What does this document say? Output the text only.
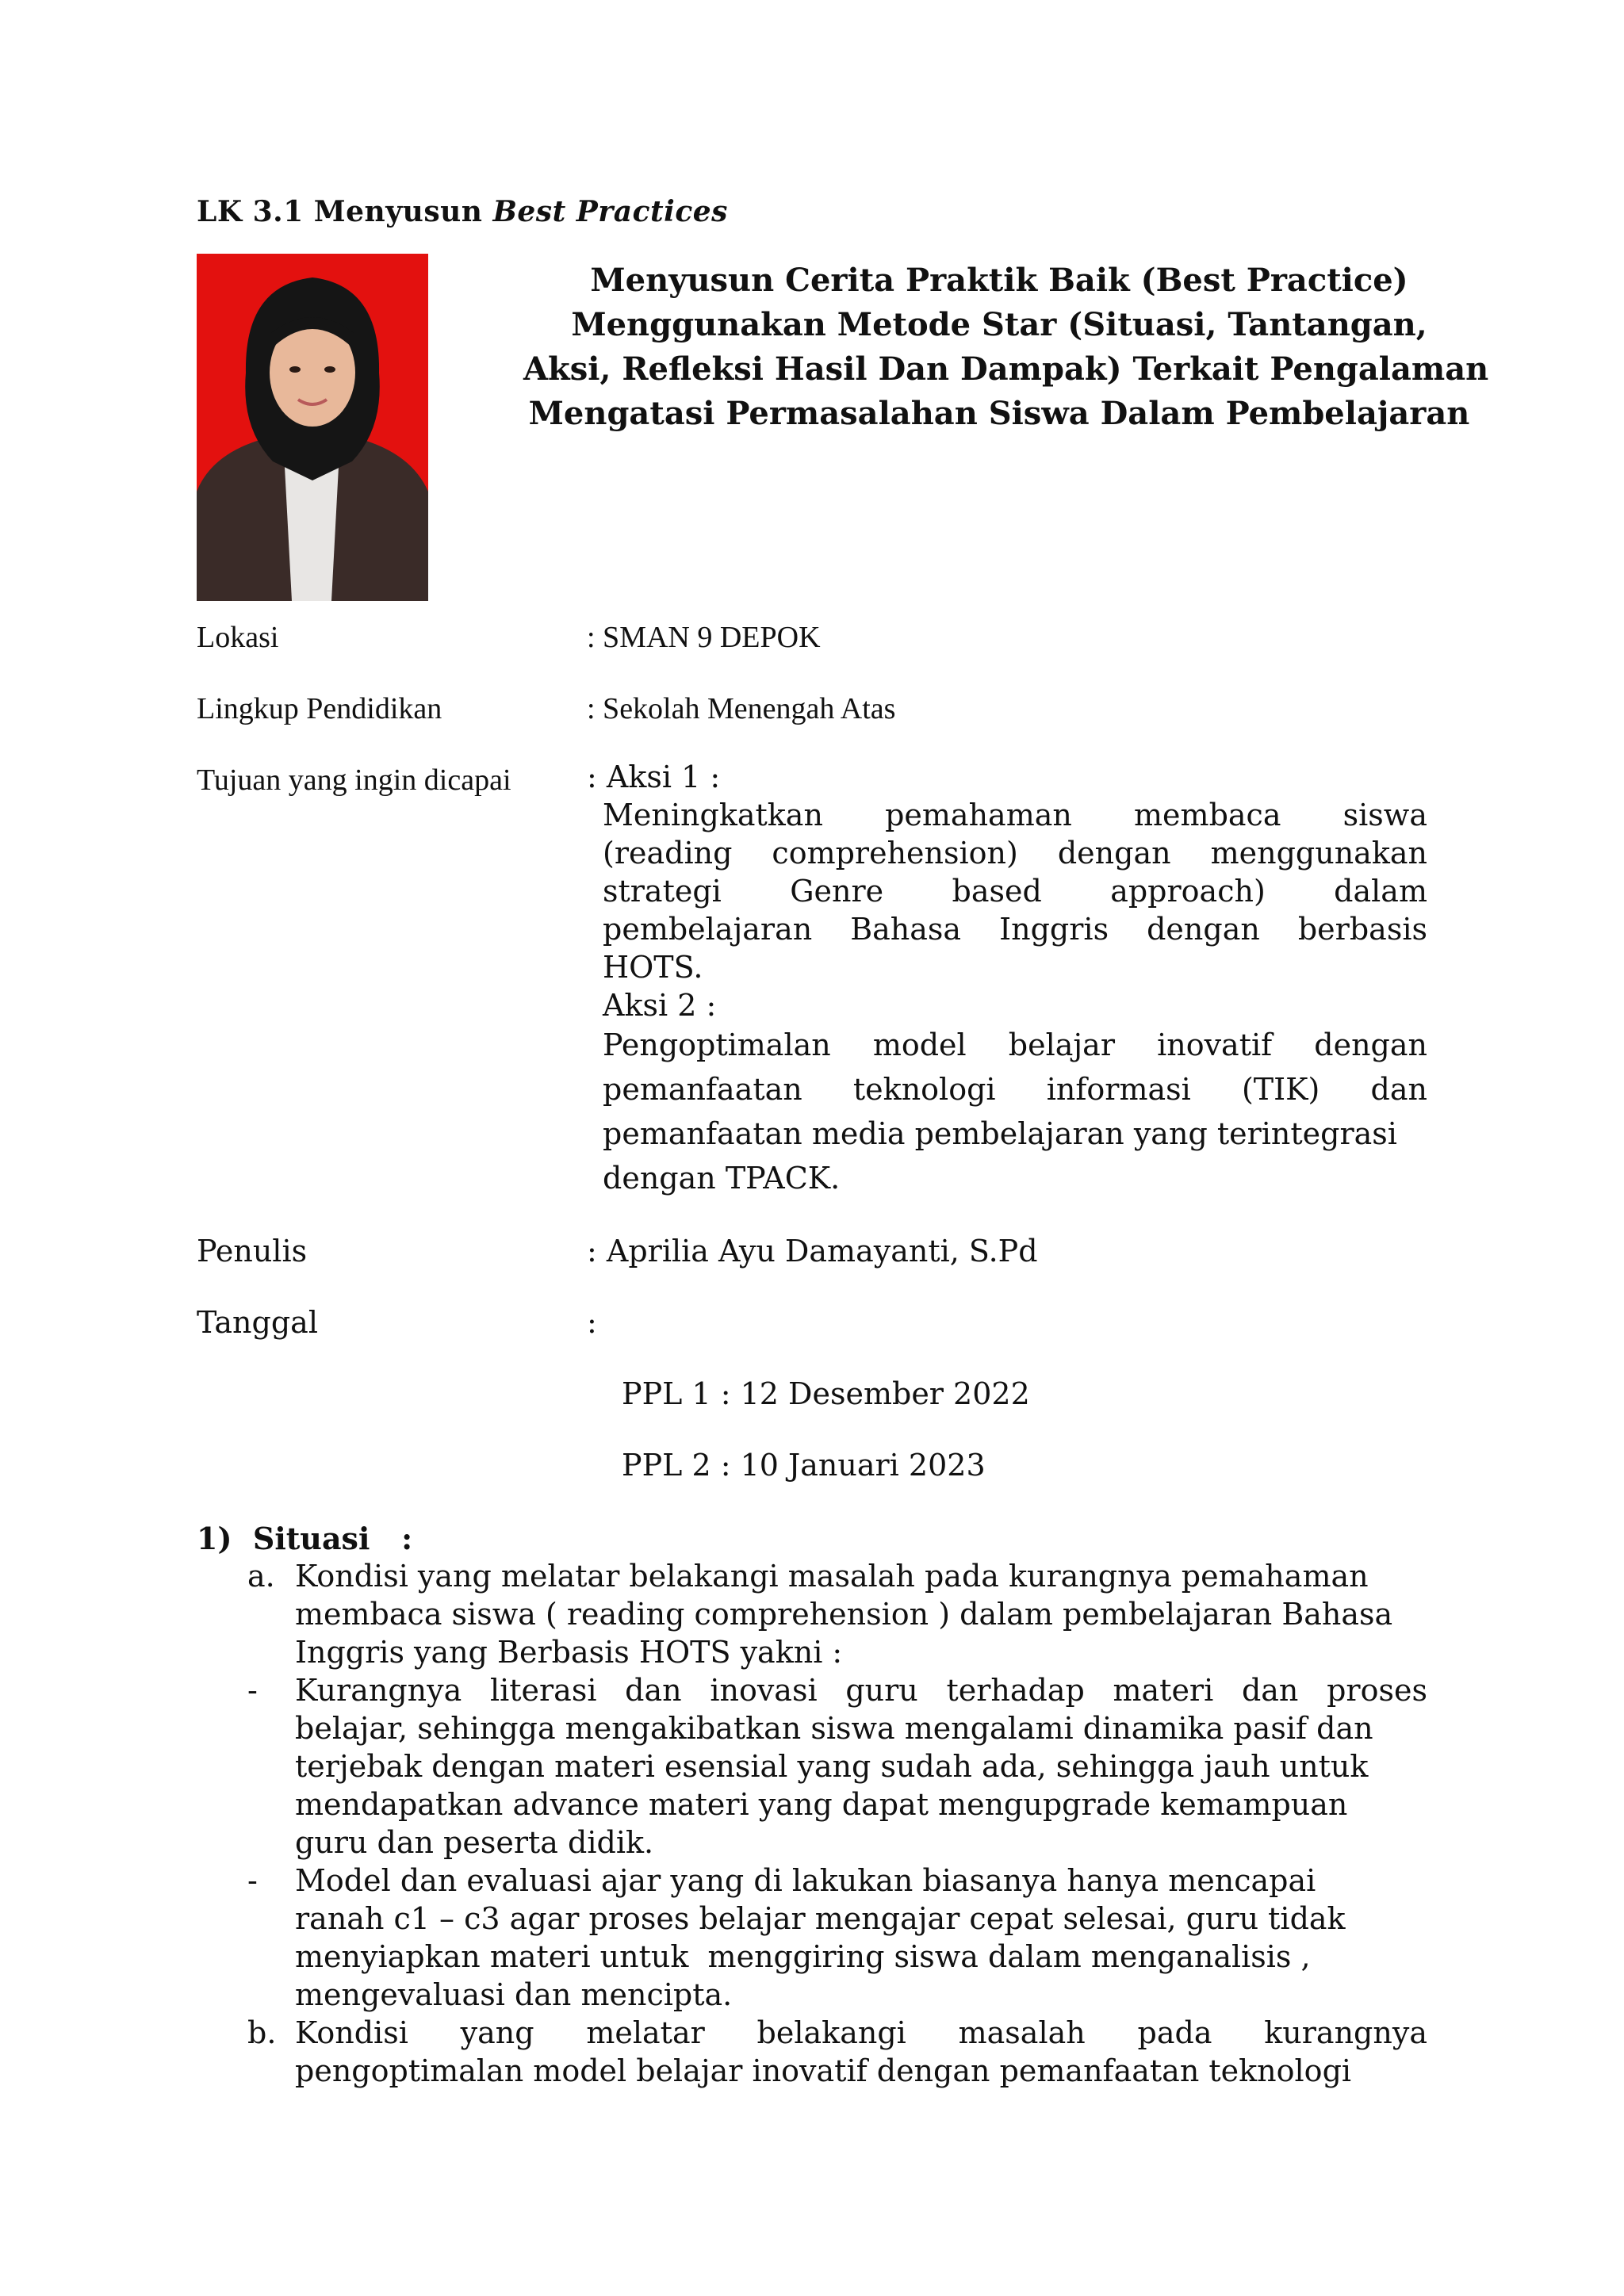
LK 3.1 Menyusun Best Practices
Menyusun Cerita Praktik Baik (Best Practice)
Menggunakan Metode Star (Situasi, Tantangan,
Aksi, Refleksi Hasil Dan Dampak) Terkait Pengalaman
Mengatasi Permasalahan Siswa Dalam Pembelajaran
Lokasi	: SMAN 9 DEPOK
Lingkup Pendidikan	: Sekolah Menengah Atas
Tujuan yang ingin dicapai	: Aksi 1 :
Meningkatkan pemahaman membaca siswa
(reading comprehension) dengan menggunakan
strategi Genre based approach) dalam
pembelajaran Bahasa Inggris dengan berbasis
HOTS.
Aksi 2 :
Pengoptimalan model belajar inovatif dengan
pemanfaatan teknologi informasi (TIK) dan
pemanfaatan media pembelajaran yang terintegrasi
dengan TPACK.
Penulis	: Aprilia Ayu Damayanti, S.Pd
Tanggal	:
PPL 1 : 12 Desember 2022
PPL 2 : 10 Januari 2023
1)  Situasi   :
a. Kondisi yang melatar belakangi masalah pada kurangnya pemahaman
membaca siswa ( reading comprehension ) dalam pembelajaran Bahasa
Inggris yang Berbasis HOTS yakni :
- Kurangnya literasi dan inovasi guru terhadap materi dan proses
belajar, sehingga mengakibatkan siswa mengalami dinamika pasif dan
terjebak dengan materi esensial yang sudah ada, sehingga jauh untuk
mendapatkan advance materi yang dapat mengupgrade kemampuan
guru dan peserta didik.
- Model dan evaluasi ajar yang di lakukan biasanya hanya mencapai
ranah c1 – c3 agar proses belajar mengajar cepat selesai, guru tidak
menyiapkan materi untuk  menggiring siswa dalam menganalisis ,
mengevaluasi dan mencipta.
b. Kondisi yang melatar belakangi masalah pada kurangnya
pengoptimalan model belajar inovatif dengan pemanfaatan teknologi
